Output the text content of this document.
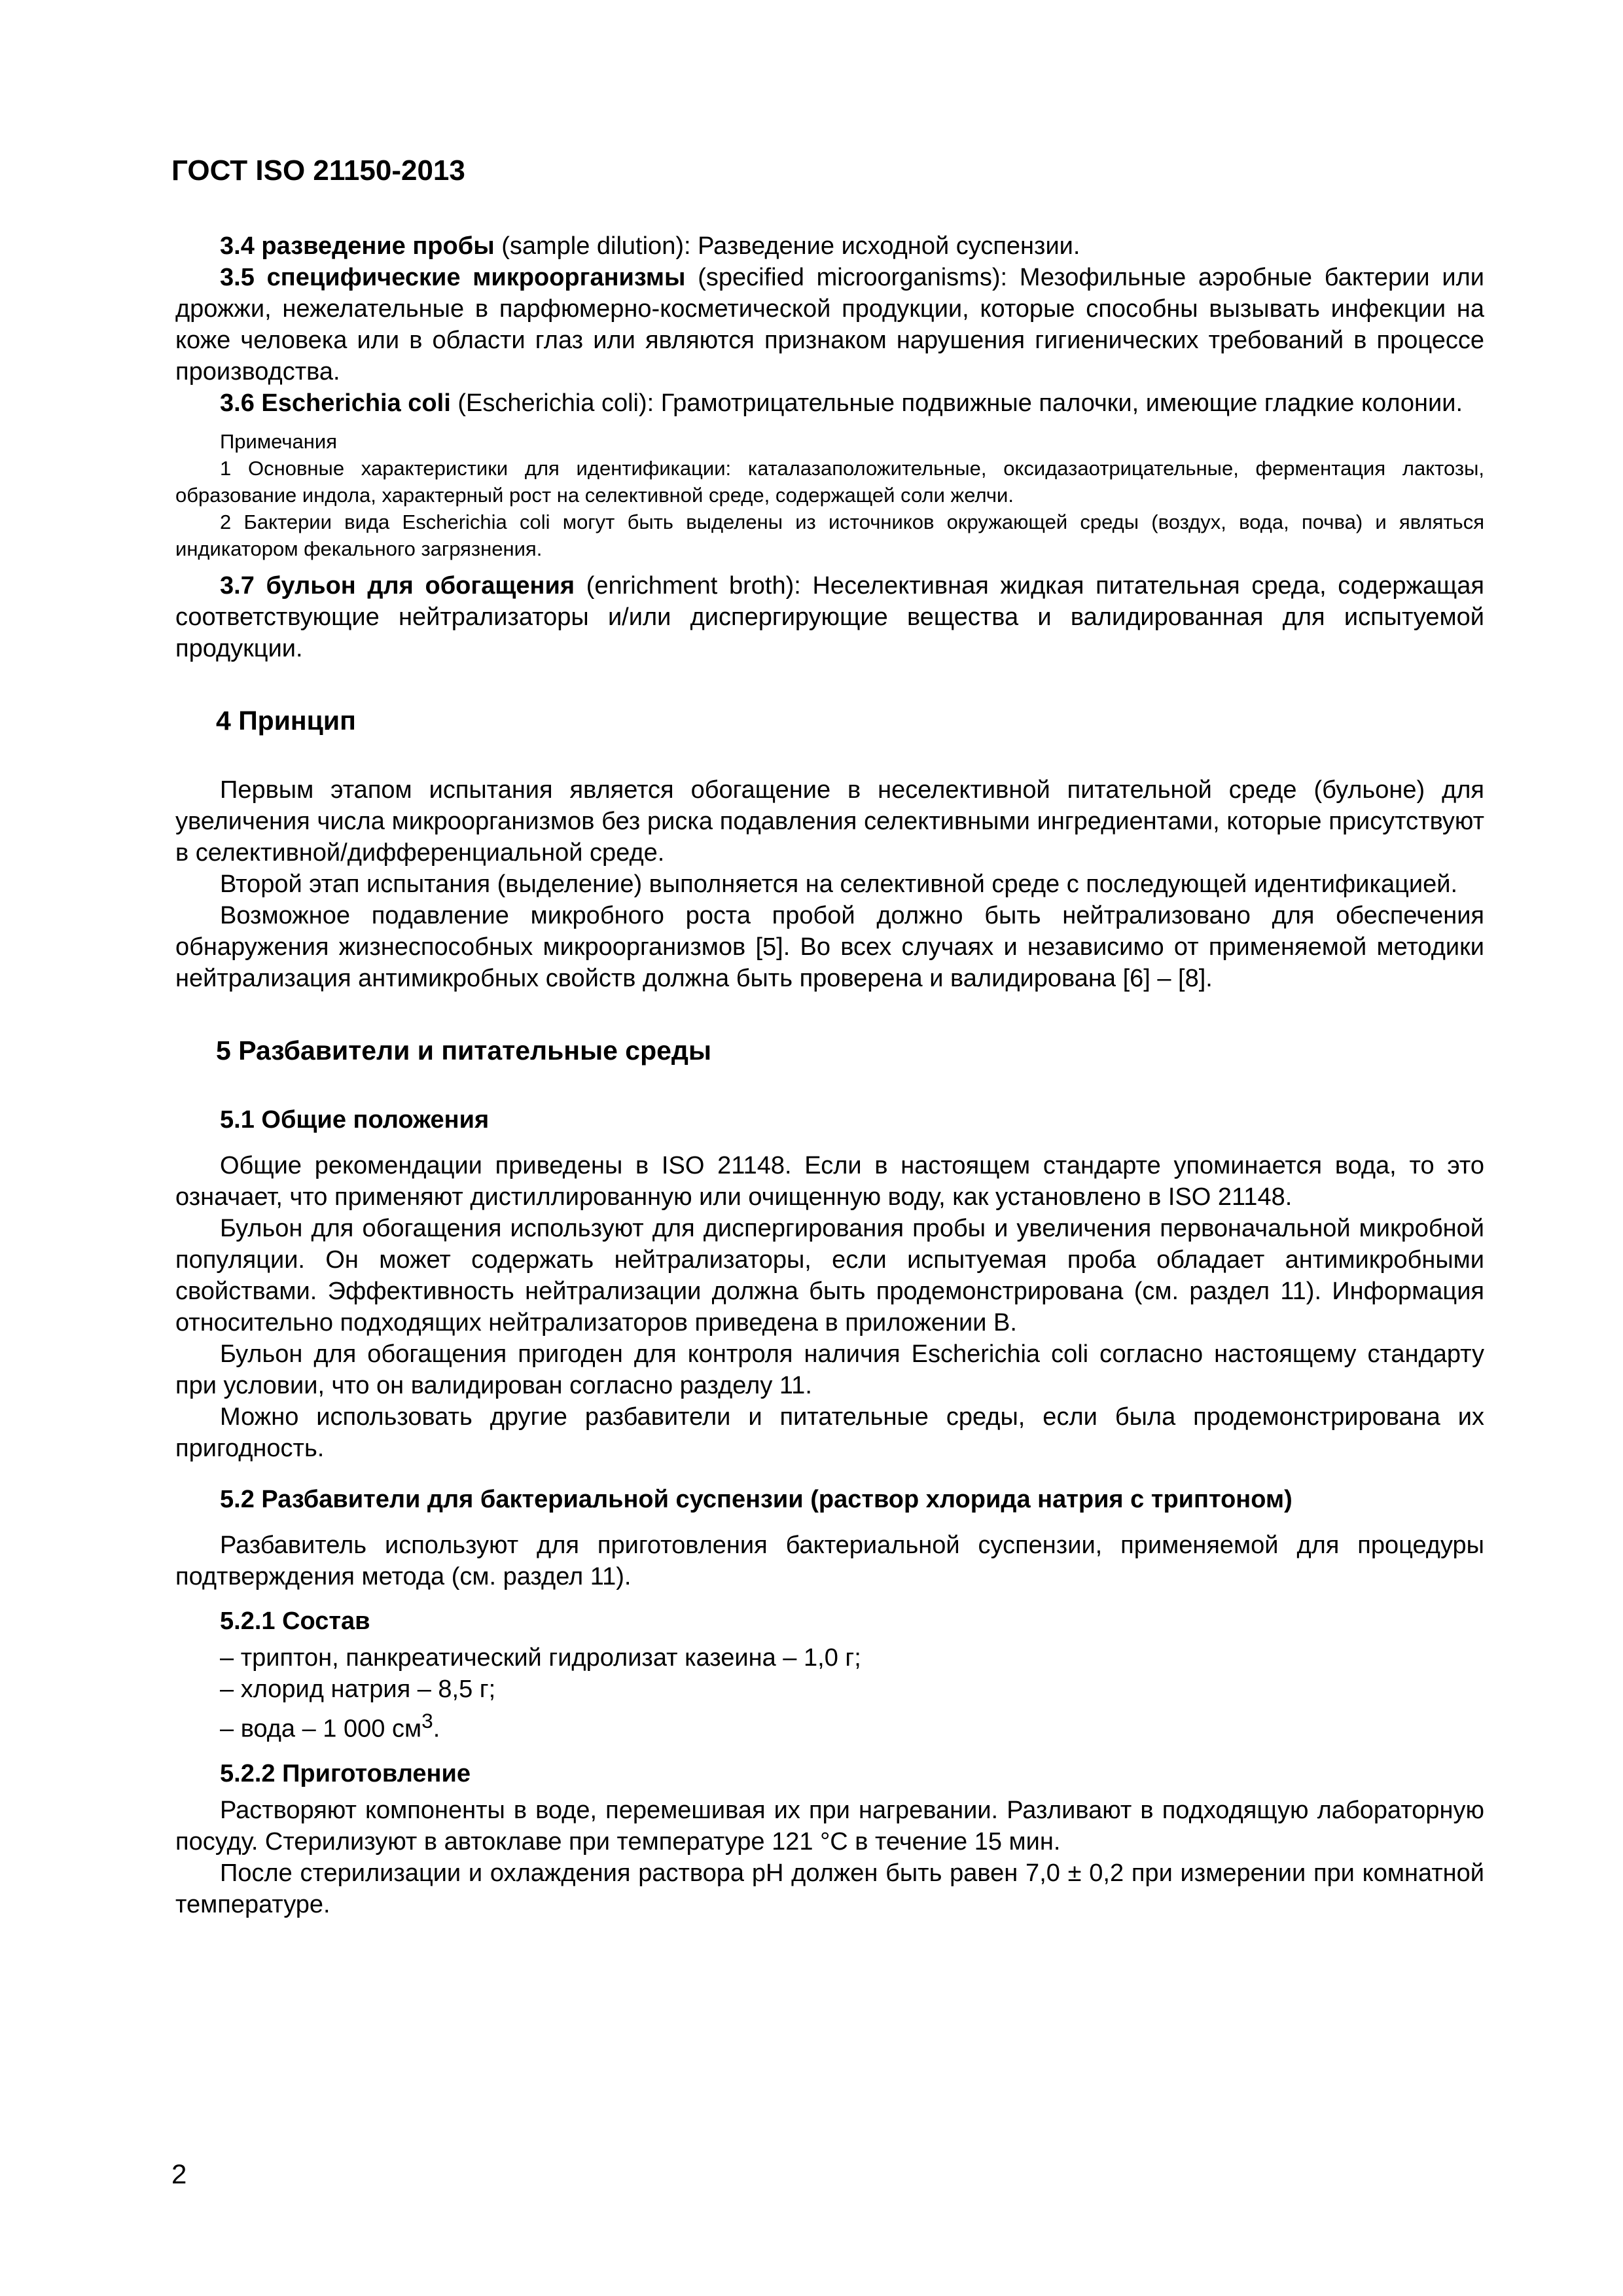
ГОСТ ISO 21150-2013

3.4 разведение пробы (sample dilution): Разведение исходной суспензии.

3.5 специфические микроорганизмы (specified microorganisms): Мезофильные аэробные бактерии или дрожжи, нежелательные в парфюмерно-косметической продукции, которые способны вызывать инфекции на коже человека или в области глаз или являются признаком нарушения гигиенических требований в процессе производства.

3.6 Escherichia coli (Escherichia coli): Грамотрицательные подвижные палочки, имеющие гладкие колонии.

Примечания

1 Основные характеристики для идентификации: каталазаположительные, оксидазаотрицательные, ферментация лактозы, образование индола, характерный рост на селективной среде, содержащей соли желчи.

2 Бактерии вида Escherichia coli могут быть выделены из источников окружающей среды (воздух, вода, почва) и являться индикатором фекального загрязнения.

3.7 бульон для обогащения (enrichment broth): Неселективная жидкая питательная среда, содержащая соответствующие нейтрализаторы и/или диспергирующие вещества и валидированная для испытуемой продукции.

4 Принцип

Первым этапом испытания является обогащение в неселективной питательной среде (бульоне) для увеличения числа микроорганизмов без риска подавления селективными ингредиентами, которые присутствуют в селективной/дифференциальной среде.

Второй этап испытания (выделение) выполняется на селективной среде с последующей идентификацией.

Возможное подавление микробного роста пробой должно быть нейтрализовано для обеспечения обнаружения жизнеспособных микроорганизмов [5]. Во всех случаях и независимо от применяемой методики нейтрализация антимикробных свойств должна быть проверена и валидирована [6] – [8].

5 Разбавители и питательные среды
5.1 Общие положения

Общие рекомендации приведены в ISO 21148. Если в настоящем стандарте упоминается вода, то это означает, что применяют дистиллированную или очищенную воду, как установлено в ISO 21148.

Бульон для обогащения используют для диспергирования пробы и увеличения первоначальной микробной популяции. Он может содержать нейтрализаторы, если испытуемая проба обладает антимикробными свойствами. Эффективность нейтрализации должна быть продемонстрирована (см. раздел 11). Информация относительно подходящих нейтрализаторов приведена в приложении В.

Бульон для обогащения пригоден для контроля наличия Escherichia coli согласно настоящему стандарту при условии, что он валидирован согласно разделу 11.

Можно использовать другие разбавители и питательные среды, если была продемонстрирована их пригодность.

5.2 Разбавители для бактериальной суспензии (раствор хлорида натрия с триптоном)

Разбавитель используют для приготовления бактериальной суспензии, применяемой для процедуры подтверждения метода (см. раздел 11).

5.2.1 Состав
– триптон, панкреатический гидролизат казеина – 1,0 г;
– хлорид натрия – 8,5 г;
– вода – 1 000 $см^3$.
5.2.2 Приготовление

Растворяют компоненты в воде, перемешивая их при нагревании. Разливают в подходящую лабораторную посуду. Стерилизуют в автоклаве при температуре 121 °С в течение 15 мин.

После стерилизации и охлаждения раствора рН должен быть равен 7,0 ± 0,2 при измерении при комнатной температуре.

2
